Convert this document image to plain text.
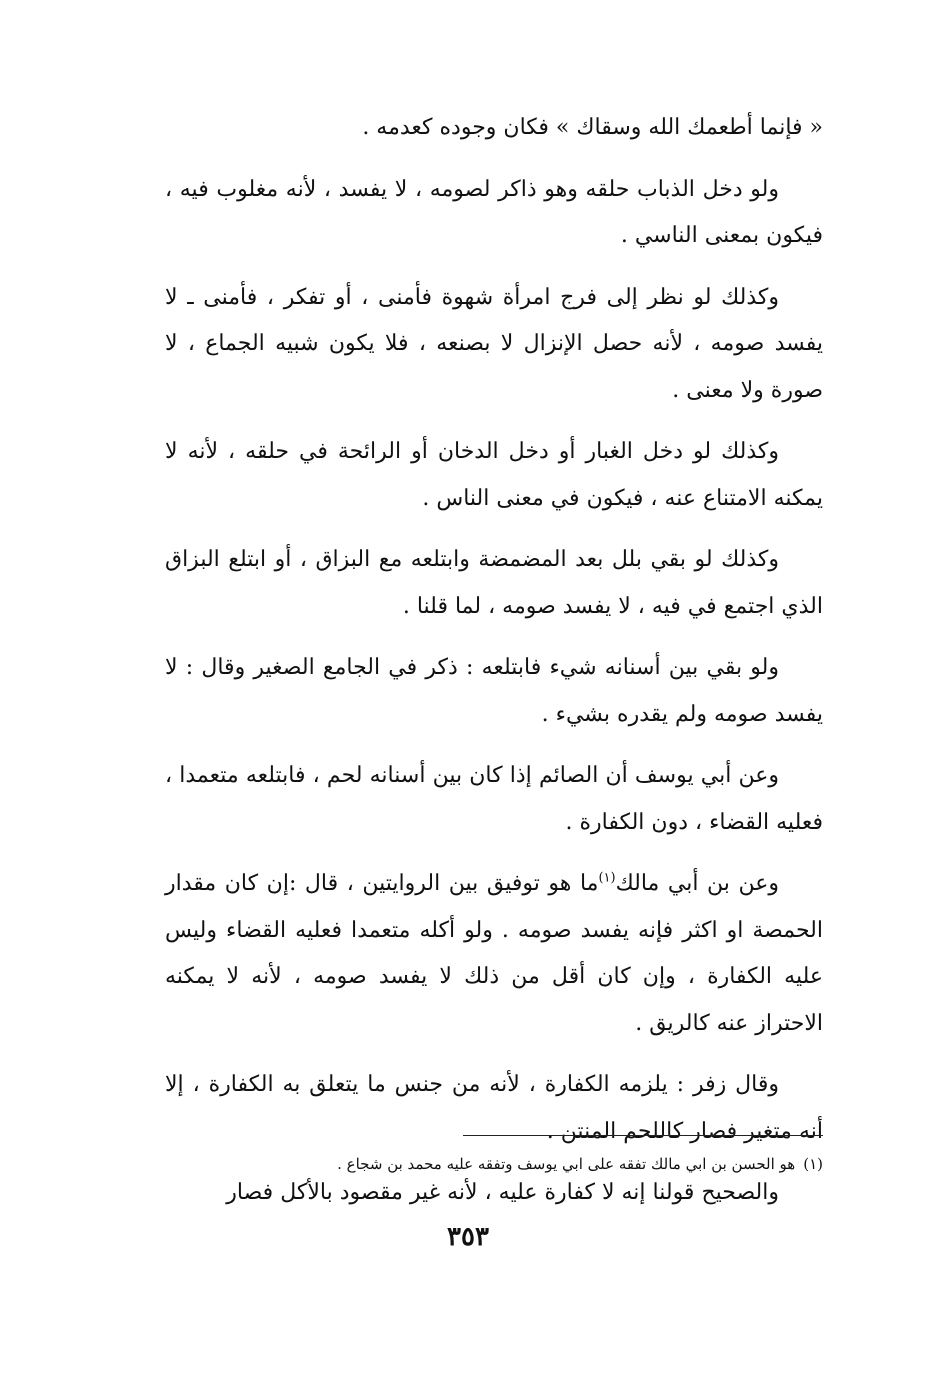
« فإنما أطعمك الله وسقاك » فكان وجوده كعدمه .

ولو دخل الذباب حلقه وهو ذاكر لصومه ، لا يفسد ، لأنه مغلوب فيه ، فيكون بمعنى الناسي .

وكذلك لو نظر إلى فرج امرأة شهوة فأمنى ، أو تفكر ، فأمنى ـ لا يفسد صومه ، لأنه حصل الإنزال لا بصنعه ، فلا يكون شبيه الجماع ، لا صورة ولا معنى .

وكذلك لو دخل الغبار أو دخل الدخان أو الرائحة في حلقه ، لأنه لا يمكنه الامتناع عنه ، فيكون في معنى الناس .

وكذلك لو بقي بلل بعد المضمضة وابتلعه مع البزاق ، أو ابتلع البزاق الذي اجتمع في فيه ، لا يفسد صومه ، لما قلنا .

ولو بقي بين أسنانه شيء فابتلعه : ذكر في الجامع الصغير وقال : لا يفسد صومه ولم يقدره بشيء .

وعن أبي يوسف أن الصائم إذا كان بين أسنانه لحم ، فابتلعه متعمدا ، فعليه القضاء ، دون الكفارة .

وعن بن أبي مالك$^{(١)}$ما هو توفيق بين الروايتين ، قال :إن كان مقدار الحمصة او اكثر فإنه يفسد صومه . ولو أكله متعمدا فعليه القضاء وليس عليه الكفارة ، وإن كان أقل من ذلك لا يفسد صومه ، لأنه لا يمكنه الاحتراز عنه كالريق .

وقال زفر : يلزمه الكفارة ، لأنه من جنس ما يتعلق به الكفارة ، إلا أنه متغير فصار كاللحم المنتن .

والصحيح قولنا إنه لا كفارة عليه ، لأنه غير مقصود بالأكل فصار

(١)هو الحسن بن ابي مالك تفقه على ابي يوسف وتفقه عليه محمد بن شجاع .
٣٥٣
